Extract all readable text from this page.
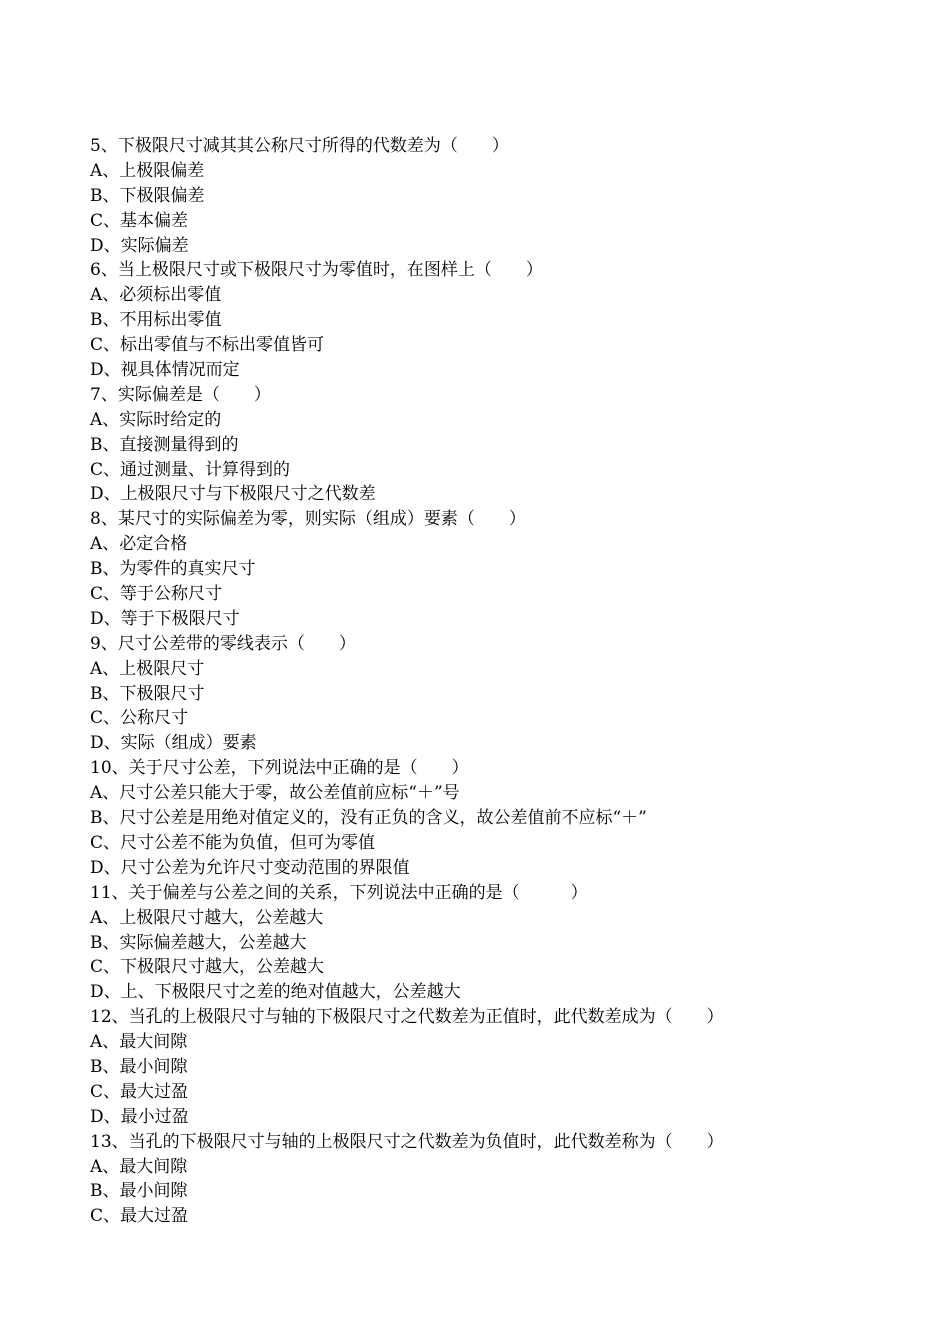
5、下极限尺寸减其其公称尺寸所得的代数差为（　　）
A、上极限偏差
B、下极限偏差
C、基本偏差
D、实际偏差
6、当上极限尺寸或下极限尺寸为零值时，在图样上（　　）
A、必须标出零值
B、不用标出零值
C、标出零值与不标出零值皆可
D、视具体情况而定
7、实际偏差是（　　）
A、实际时给定的
B、直接测量得到的
C、通过测量、计算得到的
D、上极限尺寸与下极限尺寸之代数差
8、某尺寸的实际偏差为零，则实际（组成）要素（　　）
A、必定合格
B、为零件的真实尺寸
C、等于公称尺寸
D、等于下极限尺寸
9、尺寸公差带的零线表示（　　）
A、上极限尺寸
B、下极限尺寸
C、公称尺寸
D、实际（组成）要素
10、关于尺寸公差，下列说法中正确的是（　　）
A、尺寸公差只能大于零，故公差值前应标“＋”号
B、尺寸公差是用绝对值定义的，没有正负的含义，故公差值前不应标“＋”
C、尺寸公差不能为负值，但可为零值
D、尺寸公差为允许尺寸变动范围的界限值
11、关于偏差与公差之间的关系，下列说法中正确的是（　　　）
A、上极限尺寸越大，公差越大
B、实际偏差越大，公差越大
C、下极限尺寸越大，公差越大
D、上、下极限尺寸之差的绝对值越大，公差越大
12、当孔的上极限尺寸与轴的下极限尺寸之代数差为正值时，此代数差成为（　　）
A、最大间隙
B、最小间隙
C、最大过盈
D、最小过盈
13、当孔的下极限尺寸与轴的上极限尺寸之代数差为负值时，此代数差称为（　　）
A、最大间隙
B、最小间隙
C、最大过盈
